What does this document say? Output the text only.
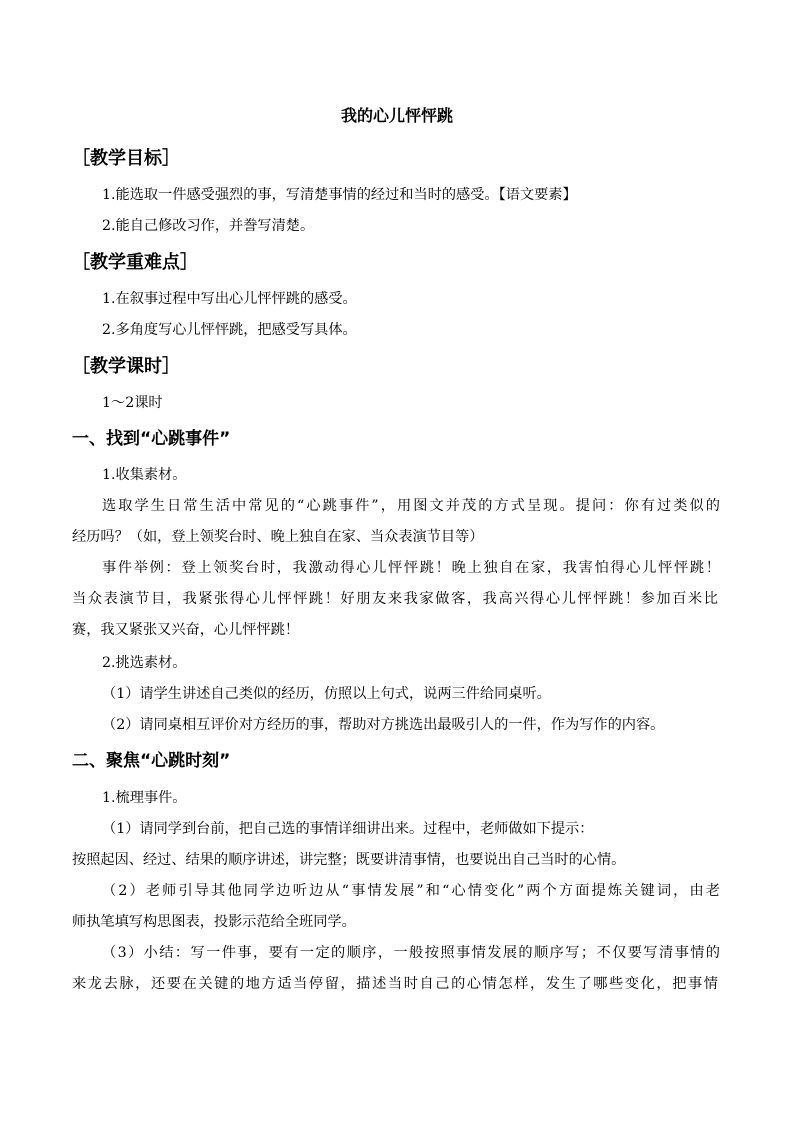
我的心儿怦怦跳
［教学目标］
1.能选取一件感受强烈的事，写清楚事情的经过和当时的感受。【语文要素】
2.能自己修改习作，并誊写清楚。
［教学重难点］
1.在叙事过程中写出心儿怦怦跳的感受。
2.多角度写心儿怦怦跳，把感受写具体。
［教学课时］
1～2课时
一、找到“心跳事件”
1.收集素材。
选取学生日常生活中常见的“心跳事件”，用图文并茂的方式呈现。提问：你有过类似的
经历吗？（如，登上领奖台时、晚上独自在家、当众表演节目等）
事件举例：登上领奖台时，我激动得心儿怦怦跳！晚上独自在家，我害怕得心儿怦怦跳！
当众表演节目，我紧张得心儿怦怦跳！好朋友来我家做客，我高兴得心儿怦怦跳！参加百米比
赛，我又紧张又兴奋，心儿怦怦跳！
2.挑选素材。
（1）请学生讲述自己类似的经历，仿照以上句式，说两三件给同桌听。
（2）请同桌相互评价对方经历的事，帮助对方挑选出最吸引人的一件，作为写作的内容。
二、聚焦“心跳时刻”
1.梳理事件。
（1）请同学到台前，把自己选的事情详细讲出来。过程中，老师做如下提示：
按照起因、经过、结果的顺序讲述，讲完整；既要讲清事情，也要说出自己当时的心情。
（2）老师引导其他同学边听边从“事情发展”和“心情变化”两个方面提炼关键词，由老
师执笔填写构思图表，投影示范给全班同学。
（3）小结：写一件事，要有一定的顺序，一般按照事情发展的顺序写；不仅要写清事情的
来龙去脉，还要在关键的地方适当停留，描述当时自己的心情怎样，发生了哪些变化，把事情
